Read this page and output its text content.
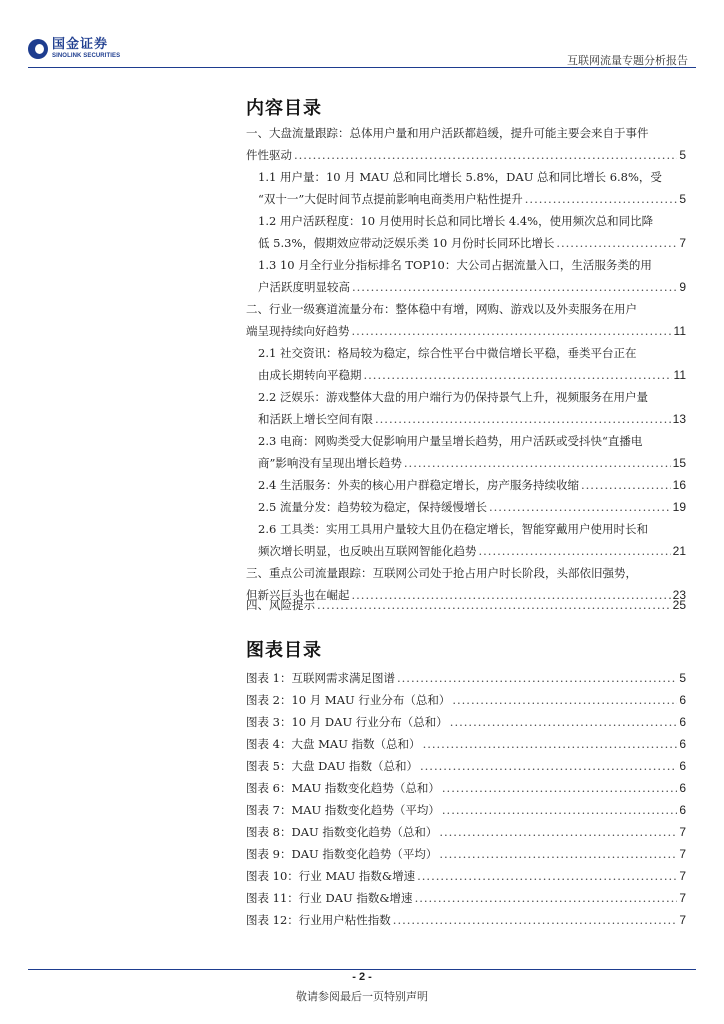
国金证券
SINOLINK SECURITIES	互联网流量专题分析报告
内容目录
一、大盘流量跟踪：总体用户量和用户活跃都趋缓，提升可能主要会来自于事件
件性驱动 .....	5
1.1 用户量：10 月 MAU 总和同比增长 5.8%，DAU 总和同比增长 6.8%，受
“双十一”大促时间节点提前影响电商类用户粘性提升 .....	5
1.2 用户活跃程度：10 月使用时长总和同比增长 4.4%，使用频次总和同比降
低 5.3%，假期效应带动泛娱乐类 10 月份时长同环比增长 .....	7
1.3 10 月全行业分指标排名 TOP10：大公司占据流量入口，生活服务类的用
户活跃度明显较高 .....	9
二、行业一级赛道流量分布：整体稳中有增，网购、游戏以及外卖服务在用户
端呈现持续向好趋势 .....	11
2.1 社交资讯：格局较为稳定，综合性平台中微信增长平稳，垂类平台正在
由成长期转向平稳期 .....	11
2.2 泛娱乐：游戏整体大盘的用户端行为仍保持景气上升，视频服务在用户量
和活跃上增长空间有限 .....	13
2.3 电商：网购类受大促影响用户量呈增长趋势，用户活跃或受抖快“直播电
商”影响没有呈现出增长趋势 .....	15
2.4 生活服务：外卖的核心用户群稳定增长，房产服务持续收缩 .....	16
2.5 流量分发：趋势较为稳定，保持缓慢增长 .....	19
2.6 工具类：实用工具用户量较大且仍在稳定增长，智能穿戴用户使用时长和
频次增长明显，也反映出互联网智能化趋势 .....	21
三、重点公司流量跟踪：互联网公司处于抢占用户时长阶段，头部依旧强势，
但新兴巨头也在崛起 .....	23
四、风险提示 .....	25
图表目录
图表 1：互联网需求满足图谱 .....	5
图表 2：10 月 MAU 行业分布（总和） .....	6
图表 3：10 月 DAU 行业分布（总和） .....	6
图表 4：大盘 MAU 指数（总和） .....	6
图表 5：大盘 DAU 指数（总和） .....	6
图表 6：MAU 指数变化趋势（总和） .....	6
图表 7：MAU 指数变化趋势（平均） .....	6
图表 8：DAU 指数变化趋势（总和） .....	7
图表 9：DAU 指数变化趋势（平均） .....	7
图表 10：行业 MAU 指数&增速 .....	7
图表 11：行业 DAU 指数&增速 .....	7
图表 12：行业用户粘性指数 .....	7
- 2 -
敬请参阅最后一页特别声明
